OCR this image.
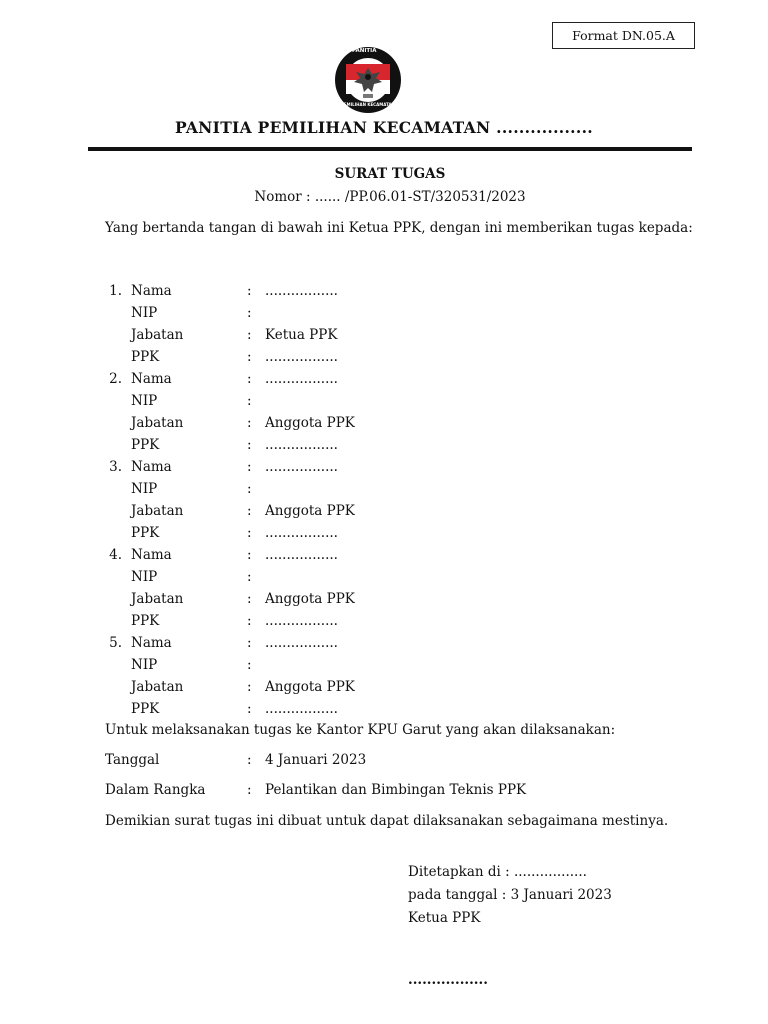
Format DN.05.A
PANITIA
PEMILIHAN KECAMATAN
PANITIA PEMILIHAN KECAMATAN .................
SURAT TUGAS
Nomor : ...... /PP.06.01-ST/320531/2023
Yang bertanda tangan di bawah ini Ketua PPK, dengan ini memberikan tugas kepada:
1. Nama	: .................
NIP	:
Jabatan	: Ketua PPK
PPK	: .................
2. Nama	: .................
NIP	:
Jabatan	: Anggota PPK
PPK	: .................
3. Nama	: .................
NIP	:
Jabatan	: Anggota PPK
PPK	: .................
4. Nama	: .................
NIP	:
Jabatan	: Anggota PPK
PPK	: .................
5. Nama	: .................
NIP	:
Jabatan	: Anggota PPK
PPK	: .................
Untuk melaksanakan tugas ke Kantor KPU Garut yang akan dilaksanakan:
Tanggal	: 4 Januari 2023
Dalam Rangka	: Pelantikan dan Bimbingan Teknis PPK
Demikian surat tugas ini dibuat untuk dapat dilaksanakan sebagaimana mestinya.
Ditetapkan di : .................
pada tanggal : 3 Januari 2023
Ketua PPK
.................
